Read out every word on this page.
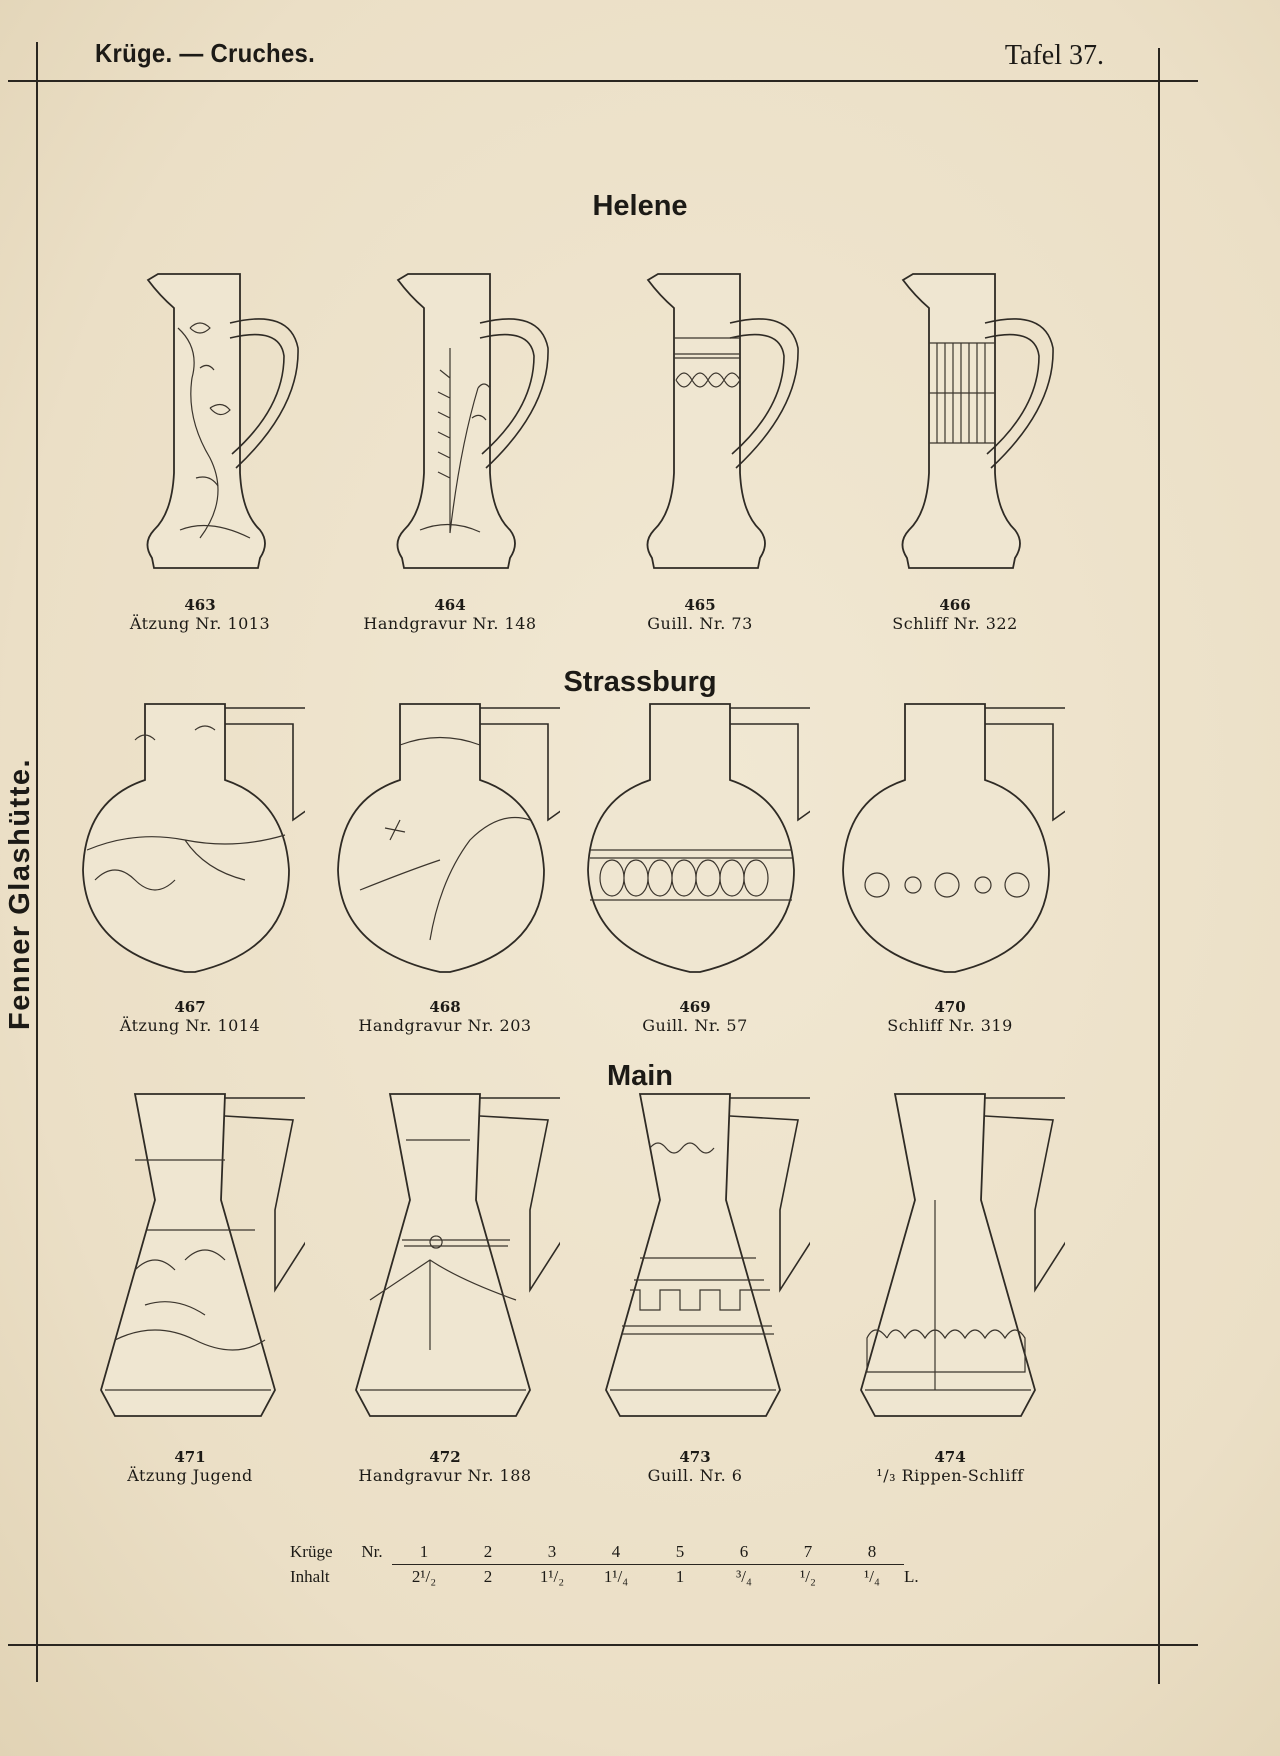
Krüge. — Cruches.	Tafel 37.
Fenner Glashütte.
Helene
463
Ätzung Nr. 1013
464
Handgravur Nr. 148
465
Guill. Nr. 73
466
Schliff Nr. 322
Strassburg
467
Ätzung Nr. 1014
468
Handgravur Nr. 203
469
Guill. Nr. 57
470
Schliff Nr. 319
Main
471
Ätzung Jugend
472
Handgravur Nr. 188
473
Guill. Nr. 6
474
¹/₃ Rippen-Schliff
Krüge	Nr.	1	2	3	4	5	6	7	8	
Inhalt		2¹/₂	2	1¹/₂	1¹/₄	1	³/₄	¹/₂	¹/₄	L.
